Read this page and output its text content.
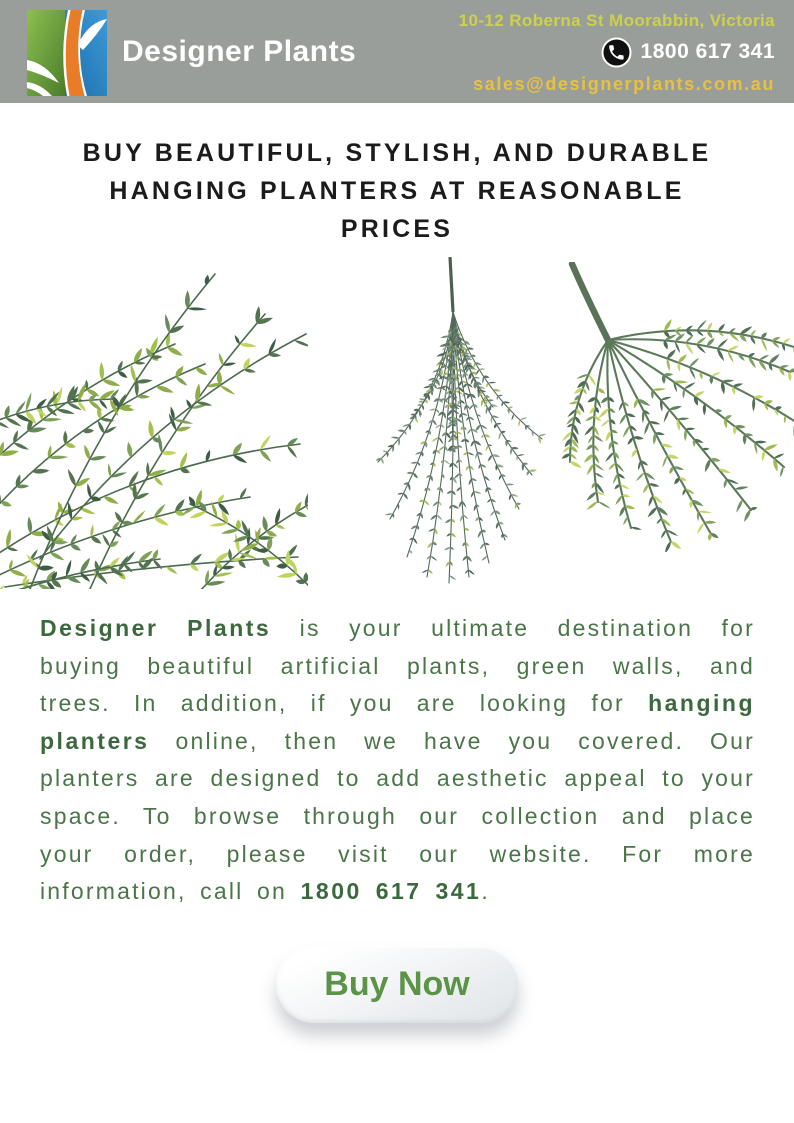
Designer Plants
10-12 Roberna St Moorabbin, Victoria
1800 617 341
sales@designerplants.com.au
BUY BEAUTIFUL, STYLISH, AND DURABLE
HANGING PLANTERS AT REASONABLE
PRICES

Designer Plants is your ultimate destination for buying beautiful artificial plants, green walls, and trees. In addition, if you are looking for hanging planters online, then we have you covered. Our planters are designed to add aesthetic appeal to your space. To browse through our collection and place your order, please visit our website. For more information, call on 1800 617 341.

Buy Now
